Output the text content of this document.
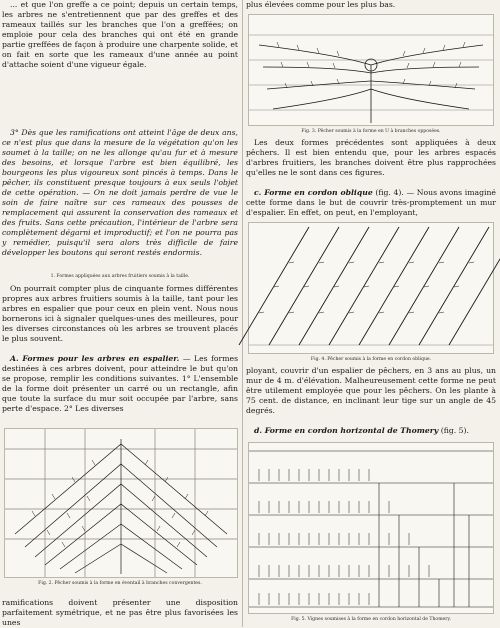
... et que l'on greffe a ce point; depuis un certain temps, les arbres ne s'entretiennent que par des greffes et des rameaux taillés sur les branches que l'on a greffées; on emploie pour cela des branches qui ont été en grande partie greffées de façon à produire une charpente solide, et on fait en sorte que les rameaux d'une année au point d'attache soient d'une vigueur égale.

3° Dès que les ramifications ont atteint l'âge de deux ans, ce n'est plus que dans la mesure de la végétation qu'on les soumet à la taille; on ne les allonge qu'au fur et à mesure des besoins, et lorsque l'arbre est bien équilibré, les bourgeons les plus vigoureux sont pincés à temps. Dans le pêcher, ils constituent presque toujours à eux seuls l'objet de cette opération. — On ne doit jamais perdre de vue le soin de faire naître sur ces rameaux des pousses de remplacement qui assurent la conservation des rameaux et des fruits. Sans cette précaution, l'intérieur de l'arbre sera complètement dégarni et improductif; et l'on ne pourra pas y remédier, puisqu'il sera alors très difficile de faire développer les boutons qui seront restés endormis.

1. Formes appliquées aux arbres fruitiers soumis à la taille.

On pourrait compter plus de cinquante formes différentes propres aux arbres fruitiers soumis à la taille, tant pour les arbres en espalier que pour ceux en plein vent. Nous nous bornerons ici à signaler quelques-unes des meilleures, pour les diverses circonstances où les arbres se trouvent placés le plus souvent.

A. Formes pour les arbres en espalier. — Les formes destinées à ces arbres doivent, pour atteindre le but qu'on se propose, remplir les conditions suivantes. 1° L'ensemble de la forme doit présenter un carré ou un rectangle, afin que toute la surface du mur soit occupée par l'arbre, sans perte d'espace. 2° Les diverses

Fig. 2. Pêcher soumis à la forme en éventail à branches convergentes.

ramifications doivent présenter une disposition parfaitement symétrique, et ne pas être plus favorisées les unes

plus élevées comme pour les plus bas.

Fig. 3. Pêcher soumis à la forme en U à branches opposées.

Les deux formes précédentes sont appliquées à deux pêchers. Il est bien entendu que, pour les arbres espacés d'arbres fruitiers, les branches doivent être plus rapprochées qu'elles ne le sont dans ces figures.

c. Forme en cordon oblique (fig. 4). — Nous avons imaginé cette forme dans le but de couvrir très-promptement un mur d'espalier. En effet, on peut, en l'employant,

Fig. 4. Pêcher soumis à la forme en cordon oblique.

ployant, couvrir d'un espalier de pêchers, en 3 ans au plus, un mur de 4 m. d'élévation. Malheureusement cette forme ne peut être utilement employée que pour les pêchers. On les plante à 75 cent. de distance, en inclinant leur tige sur un angle de 45 degrés.

d. Forme en cordon horizontal de Thomery (fig. 5).

Fig. 5. Vignes soumises à la forme en cordon horizontal de Thomery.
